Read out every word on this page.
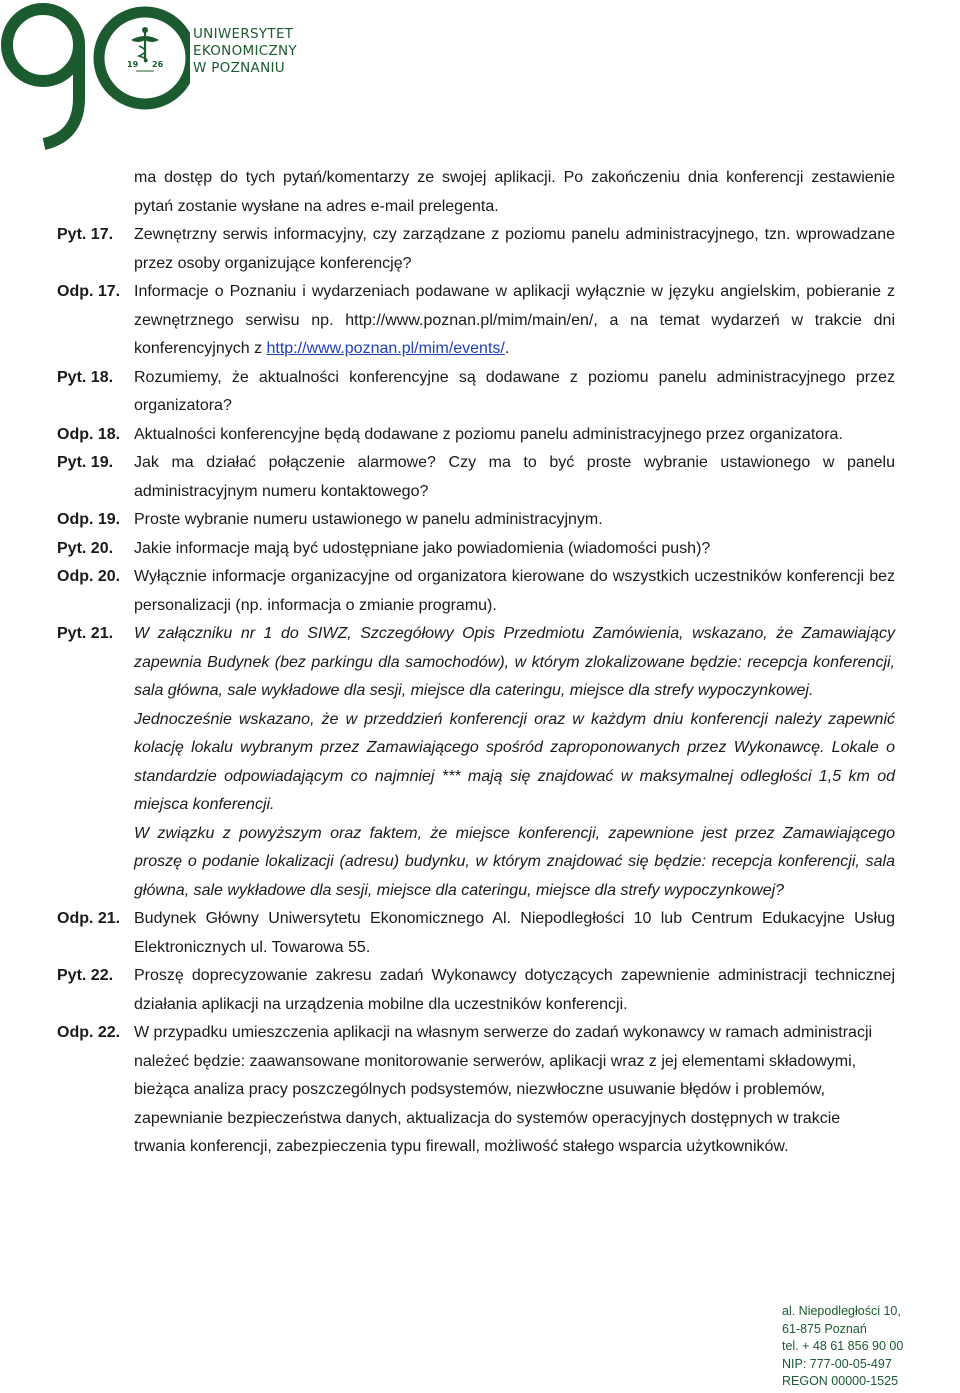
19 26
UNIWERSYTET
EKONOMICZNY
W POZNANIU
ma dostęp do tych pytań/komentarzy ze swojej aplikacji. Po zakończeniu dnia konferencji zestawienie pytań zostanie wysłane na adres e-mail prelegenta.
Pyt. 17.	Zewnętrzny serwis informacyjny, czy zarządzane z poziomu panelu administracyjnego, tzn. wprowadzane przez osoby organizujące konferencję?
Odp. 17. Informacje o Poznaniu i wydarzeniach podawane w aplikacji wyłącznie w języku angielskim, pobieranie z zewnętrznego serwisu np. http://www.poznan.pl/mim/main/en/, a na temat wydarzeń w trakcie dni konferencyjnych z http://www.poznan.pl/mim/events/.
Pyt. 18.	Rozumiemy, że aktualności konferencyjne są dodawane z poziomu panelu administracyjnego przez organizatora?
Odp. 18. Aktualności konferencyjne będą dodawane z poziomu panelu administracyjnego przez organizatora.
Pyt. 19.	Jak ma działać połączenie alarmowe? Czy ma to być proste wybranie ustawionego w panelu administracyjnym numeru kontaktowego?
Odp. 19. Proste wybranie numeru ustawionego w panelu administracyjnym.
Pyt. 20.	Jakie informacje mają być udostępniane jako powiadomienia (wiadomości push)?
Odp. 20. Wyłącznie informacje organizacyjne od organizatora kierowane do wszystkich uczestników konferencji bez personalizacji (np. informacja o zmianie programu).
Pyt. 21.	W załączniku nr 1 do SIWZ, Szczegółowy Opis Przedmiotu Zamówienia, wskazano, że Zamawiający zapewnia Budynek (bez parkingu dla samochodów), w którym zlokalizowane będzie: recepcja konferencji, sala główna, sale wykładowe dla sesji, miejsce dla cateringu, miejsce dla strefy wypoczynkowej.
Jednocześnie wskazano, że w przeddzień konferencji oraz w każdym dniu konferencji należy zapewnić kolację lokalu wybranym przez Zamawiającego spośród zaproponowanych przez Wykonawcę. Lokale o standardzie odpowiadającym co najmniej *** mają się znajdować w maksymalnej odległości 1,5 km od miejsca konferencji.
W związku z powyższym oraz faktem, że miejsce konferencji, zapewnione jest przez Zamawiającego proszę o podanie lokalizacji (adresu) budynku, w którym znajdować się będzie: recepcja konferencji, sala główna, sale wykładowe dla sesji, miejsce dla cateringu, miejsce dla strefy wypoczynkowej?
Odp. 21. Budynek Główny Uniwersytetu Ekonomicznego Al. Niepodległości 10 lub Centrum Edukacyjne Usług Elektronicznych ul. Towarowa 55.
Pyt. 22.	Proszę doprecyzowanie zakresu zadań Wykonawcy dotyczących zapewnienie administracji technicznej działania aplikacji na urządzenia mobilne dla uczestników konferencji.
Odp. 22. W przypadku umieszczenia aplikacji na własnym serwerze do zadań wykonawcy w ramach administracji należeć będzie: zaawansowane monitorowanie serwerów, aplikacji wraz z jej elementami składowymi, bieżąca analiza pracy poszczególnych podsystemów, niezwłoczne usuwanie błędów i problemów, zapewnianie bezpieczeństwa danych, aktualizacja do systemów operacyjnych dostępnych w trakcie trwania konferencji, zabezpieczenia typu firewall, możliwość stałego wsparcia użytkowników.
al. Niepodległości 10,
61-875 Poznań
tel. + 48 61 856 90 00
NIP: 777-00-05-497
REGON 00000-1525
